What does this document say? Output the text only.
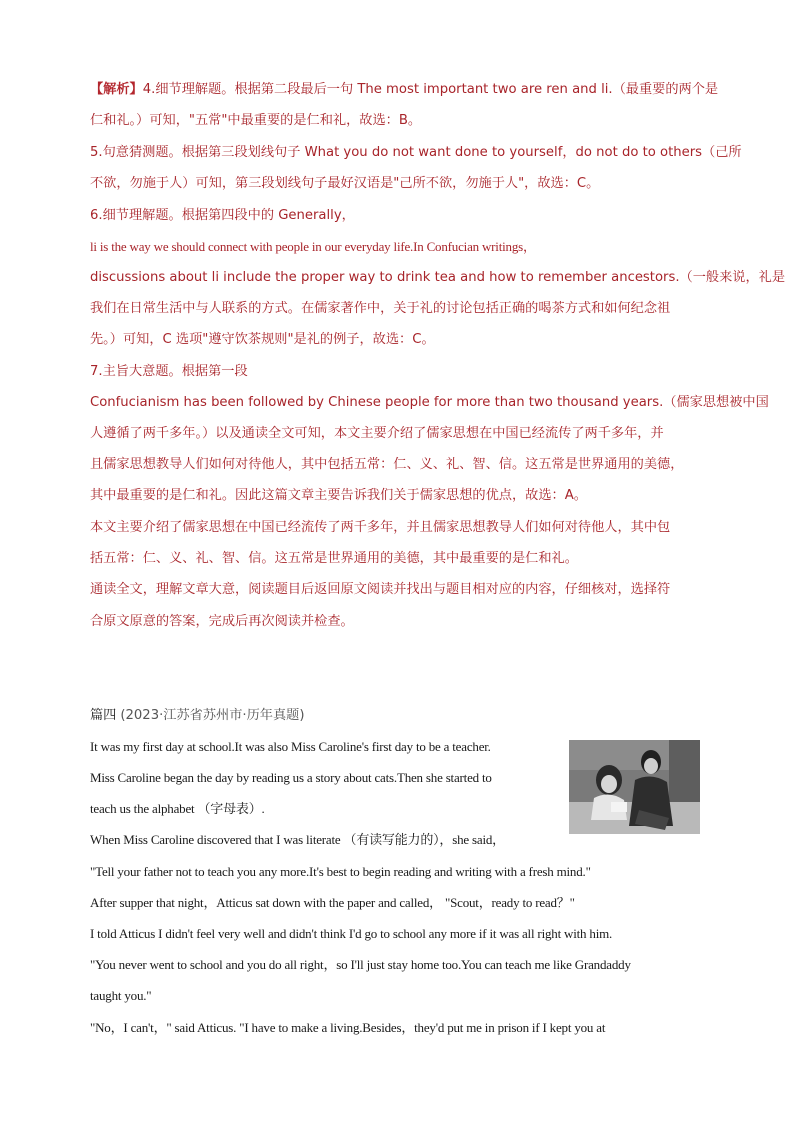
【解析】4.细节理解题。根据第二段最后一句 The most important two are ren and li.（最重要的两个是
仁和礼。）可知，"五常"中最重要的是仁和礼，故选：B。
5.句意猜测题。根据第三段划线句子 What you do not want done to yourself，do not do to others（己所
不欲，勿施于人）可知，第三段划线句子最好汉语是"己所不欲，勿施于人"，故选：C。
6.细节理解题。根据第四段中的 Generally，
li is the way we should connect with people in our everyday life.In Confucian writings，
discussions about li include the proper way to drink tea and how to remember ancestors.（一般来说，礼是
我们在日常生活中与人联系的方式。在儒家著作中，关于礼的讨论包括正确的喝茶方式和如何纪念祖
先。）可知，C 选项"遵守饮茶规则"是礼的例子，故选：C。
7.主旨大意题。根据第一段
Confucianism has been followed by Chinese people for more than two thousand years.（儒家思想被中国
人遵循了两千多年。）以及通读全文可知，本文主要介绍了儒家思想在中国已经流传了两千多年，并
且儒家思想教导人们如何对待他人，其中包括五常：仁、义、礼、智、信。这五常是世界通用的美德，
其中最重要的是仁和礼。因此这篇文章主要告诉我们关于儒家思想的优点，故选：A。
本文主要介绍了儒家思想在中国已经流传了两千多年，并且儒家思想教导人们如何对待他人，其中包
括五常：仁、义、礼、智、信。这五常是世界通用的美德，其中最重要的是仁和礼。
通读全文，理解文章大意，阅读题目后返回原文阅读并找出与题目相对应的内容，仔细核对，选择符
合原文原意的答案，完成后再次阅读并检查。
篇四 (2023·江苏省苏州市·历年真题)
It was my first day at school.It was also Miss Caroline's first day to be a teacher.
Miss Caroline began the day by reading us a story about cats.Then she started to
teach us the alphabet （字母表）.
When Miss Caroline discovered that I was literate （有读写能力的），she said，
"Tell your father not to teach you any more.It's best to begin reading and writing with a fresh mind."
After supper that night，Atticus sat down with the paper and called， "Scout，ready to read？"
I told Atticus I didn't feel very well and didn't think I'd go to school any more if it was all right with him.
"You never went to school and you do all right，so I'll just stay home too.You can teach me like Grandaddy
taught you."
"No，I can't，" said Atticus. "I have to make a living.Besides，they'd put me in prison if I kept you at
